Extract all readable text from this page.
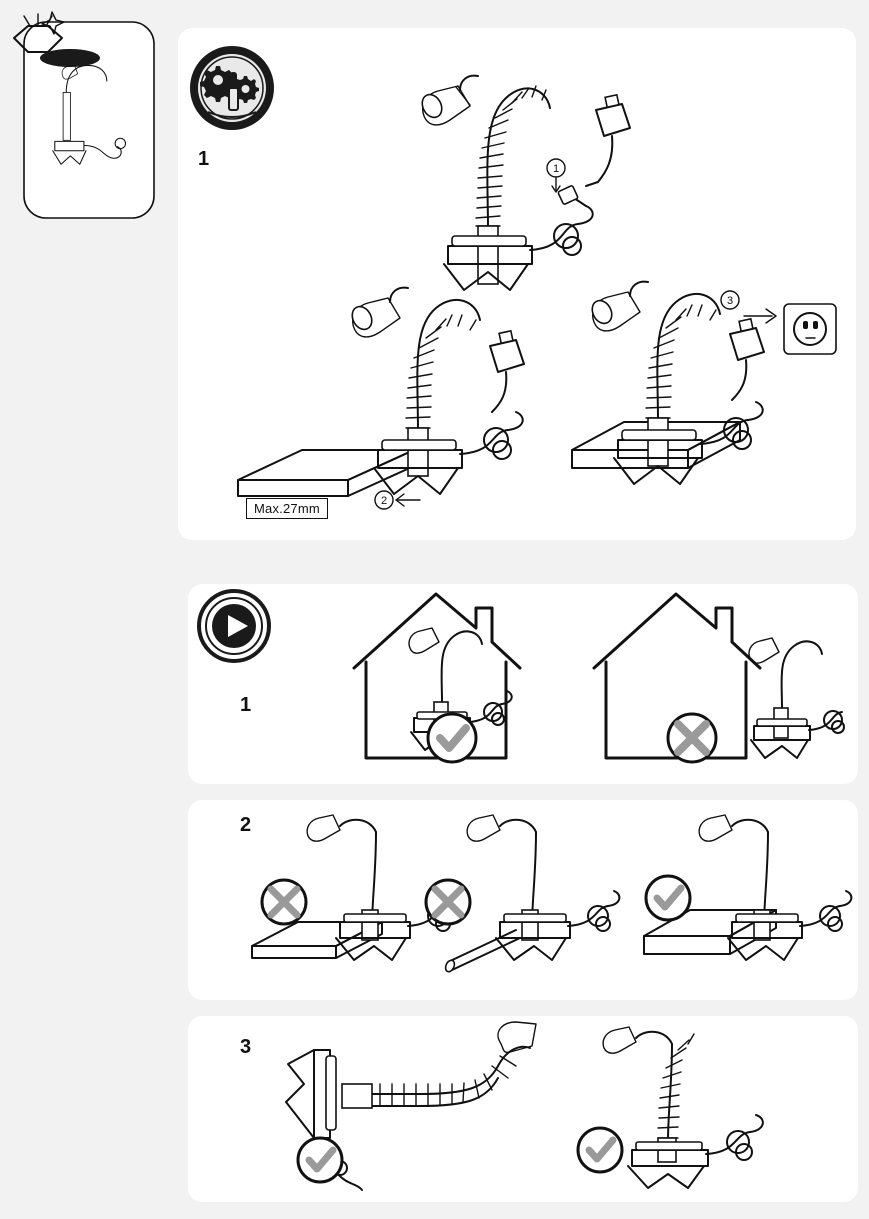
1	1
2
Max.27mm
3
1
2
3
